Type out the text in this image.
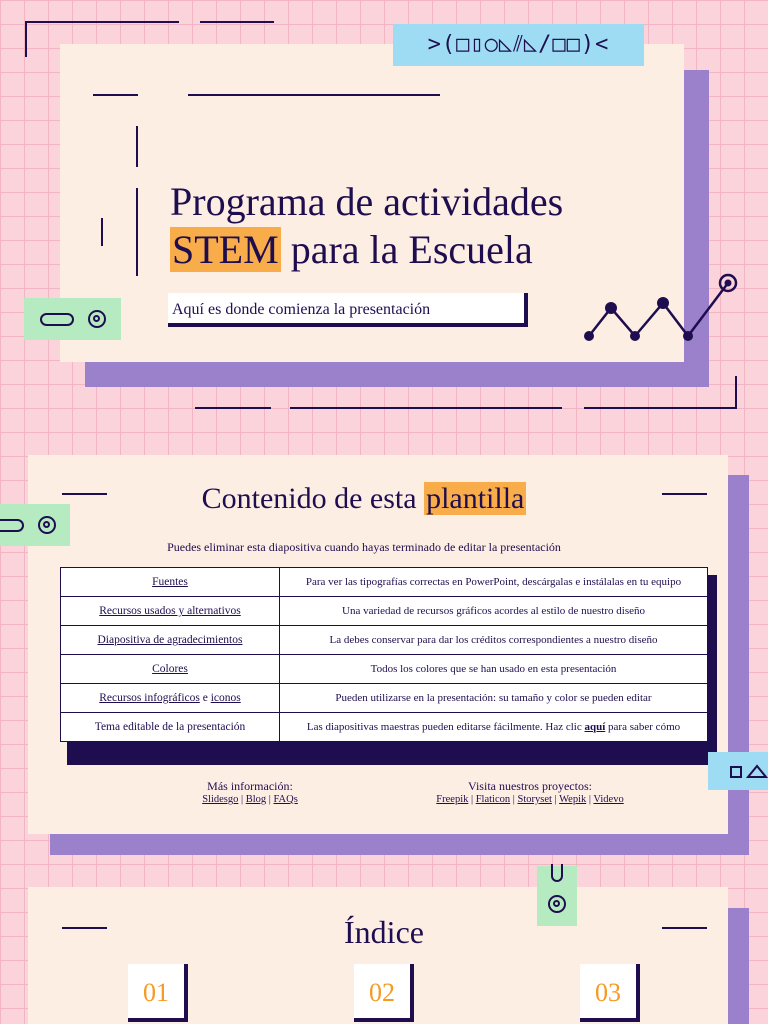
>(□▯○◺⫽◺/□□)<
Programa de actividades
STEM para la Escuela
Aquí es donde comienza la presentación
Contenido de esta plantilla
Puedes eliminar esta diapositiva cuando hayas terminado de editar la presentación
Fuentes	Para ver las tipografías correctas en PowerPoint, descárgalas e instálalas en tu equipo
Recursos usados y alternativos	Una variedad de recursos gráficos acordes al estilo de nuestro diseño
Diapositiva de agradecimientos	La debes conservar para dar los créditos correspondientes a nuestro diseño
Colores	Todos los colores que se han usado en esta presentación
Recursos infográficos e iconos	Pueden utilizarse en la presentación: su tamaño y color se pueden editar
Tema editable de la presentación	Las diapositivas maestras pueden editarse fácilmente. Haz clic aquí para saber cómo
Más información:
Slidesgo | Blog | FAQs
Visita nuestros proyectos:
Freepik | Flaticon | Storyset | Wepik | Videvo
Índice
01	02	03
